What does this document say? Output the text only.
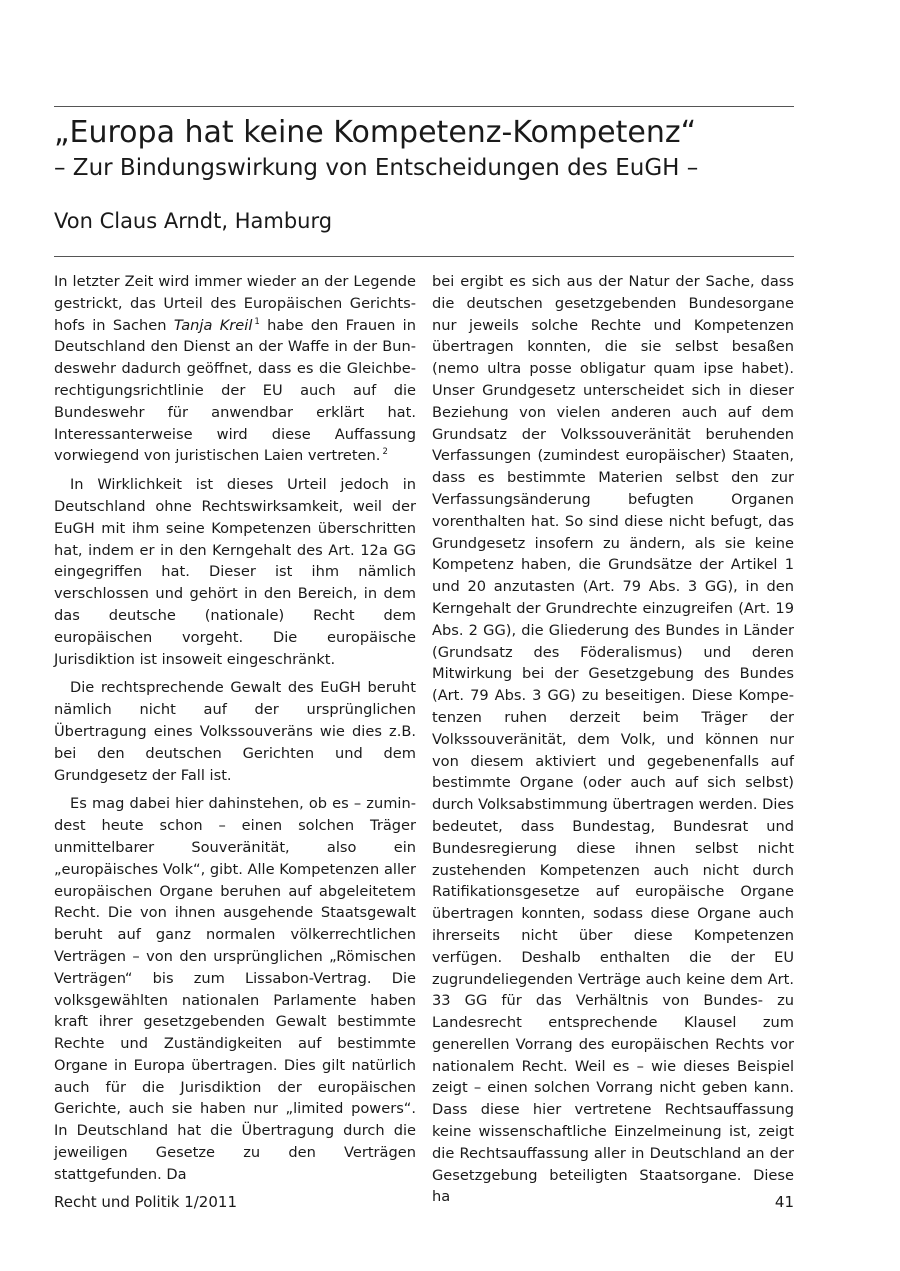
„Europa hat keine Kompetenz-Kompetenz“
– Zur Bindungswirkung von Entscheidungen des EuGH –
Von Claus Arndt, Hamburg

In letzter Zeit wird immer wieder an der Legende gestrickt, das Urteil des Europäischen Gerichtshofs in Sachen Tanja Kreil $^1$ habe den Frauen in Deutschland den Dienst an der Waffe in der Bundeswehr dadurch geöffnet, dass es die Gleichberechtigungsrichtlinie der EU auch auf die Bundeswehr für anwendbar erklärt hat. Interessanterweise wird diese Auffassung vorwiegend von juristischen Laien vertreten. $^2$

In Wirklichkeit ist dieses Urteil jedoch in Deutschland ohne Rechtswirksamkeit, weil der EuGH mit ihm seine Kompetenzen überschritten hat, indem er in den Kerngehalt des Art. 12a GG eingegriffen hat. Dieser ist ihm nämlich verschlossen und gehört in den Bereich, in dem das deutsche (nationale) Recht dem europäischen vorgeht. Die europäische Jurisdiktion ist insoweit eingeschränkt.

Die rechtsprechende Gewalt des EuGH beruht nämlich nicht auf der ursprünglichen Übertragung eines Volkssouveräns wie dies z.B. bei den deutschen Gerichten und dem Grundgesetz der Fall ist.

Es mag dabei hier dahinstehen, ob es – zumindest heute schon – einen solchen Träger unmittelbarer Souveränität, also ein „europäisches Volk“, gibt. Alle Kompetenzen aller europäischen Organe beruhen auf abgeleitetem Recht. Die von ihnen ausgehende Staatsgewalt beruht auf ganz normalen völkerrechtlichen Verträgen – von den ursprünglichen „Römischen Verträgen“ bis zum Lissabon-Vertrag. Die volksgewählten nationalen Parlamente haben kraft ihrer gesetzgebenden Gewalt bestimmte Rechte und Zuständigkeiten auf bestimmte Organe in Europa übertragen. Dies gilt natürlich auch für die Jurisdiktion der europäischen Gerichte, auch sie haben nur „limited powers“. In Deutschland hat die Übertragung durch die jeweiligen Gesetze zu den Verträgen stattgefunden. Da

bei ergibt es sich aus der Natur der Sache, dass die deutschen gesetzgebenden Bundesorgane nur jeweils solche Rechte und Kompetenzen übertragen konnten, die sie selbst besaßen (nemo ultra posse obligatur quam ipse habet). Unser Grundgesetz unterscheidet sich in dieser Beziehung von vielen anderen auch auf dem Grundsatz der Volkssouveränität beruhenden Verfassungen (zumindest europäischer) Staaten, dass es bestimmte Materien selbst den zur Verfassungsänderung befugten Organen vorenthalten hat. So sind diese nicht befugt, das Grundgesetz insofern zu ändern, als sie keine Kompetenz haben, die Grundsätze der Artikel 1 und 20 anzutasten (Art. 79 Abs. 3 GG), in den Kerngehalt der Grundrechte einzugreifen (Art. 19 Abs. 2 GG), die Gliederung des Bundes in Länder (Grundsatz des Föderalismus) und deren Mitwirkung bei der Gesetzgebung des Bundes (Art. 79 Abs. 3 GG) zu beseitigen. Diese Kompetenzen ruhen derzeit beim Träger der Volkssouveränität, dem Volk, und können nur von diesem aktiviert und gegebenenfalls auf bestimmte Organe (oder auch auf sich selbst) durch Volksabstimmung übertragen werden. Dies bedeutet, dass Bundestag, Bundesrat und Bundesregierung diese ihnen selbst nicht zustehenden Kompetenzen auch nicht durch Ratifikationsgesetze auf europäische Organe übertragen konnten, sodass diese Organe auch ihrerseits nicht über diese Kompetenzen verfügen. Deshalb enthalten die der EU zugrundeliegenden Verträge auch keine dem Art. 33 GG für das Verhältnis von Bundes- zu Landesrecht entsprechende Klausel zum generellen Vorrang des europäischen Rechts vor nationalem Recht. Weil es – wie dieses Beispiel zeigt – einen solchen Vorrang nicht geben kann. Dass diese hier vertretene Rechtsauffassung keine wissenschaftliche Einzelmeinung ist, zeigt die Rechtsauffassung aller in Deutschland an der Gesetzgebung beteiligten Staatsorgane. Diese ha

Recht und Politik 1/2011	41
